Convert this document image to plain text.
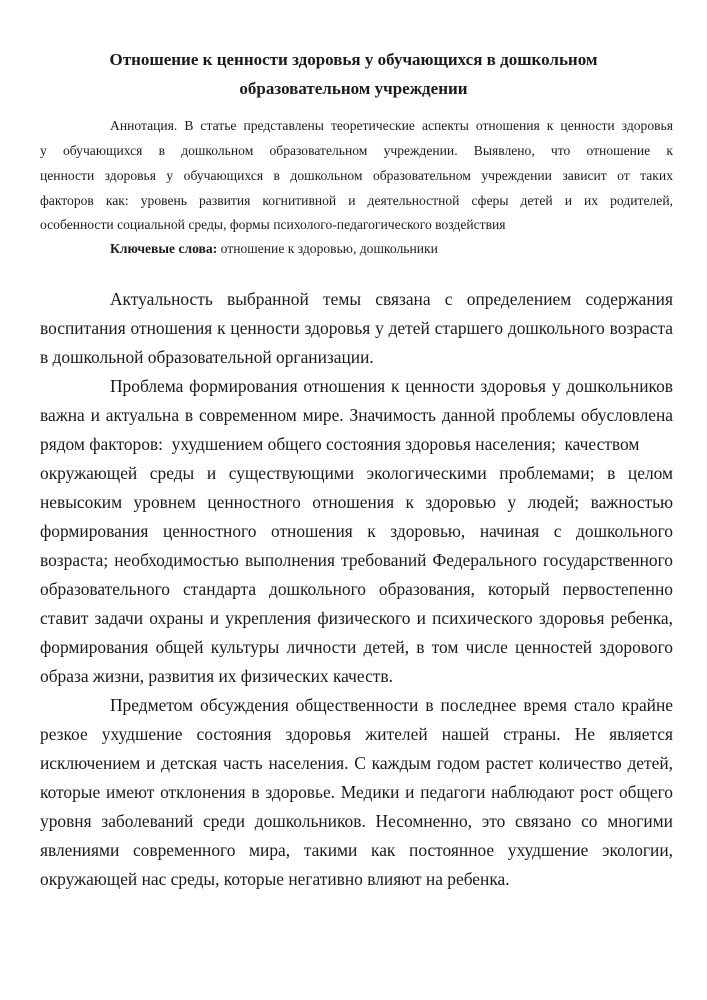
Отношение к ценности здоровья у обучающихся в дошкольном
образовательном учреждении
Аннотация. В статье представлены теоретические аспекты отношения к ценности здоровья
у обучающихся в дошкольном образовательном учреждении. Выявлено, что отношение к
ценности здоровья у обучающихся в дошкольном образовательном учреждении зависит от таких
факторов как: уровень развития когнитивной и деятельностной сферы детей и их родителей,
особенности социальной среды, формы психолого-педагогического воздействия
Ключевые слова: отношение к здоровью, дошкольники
Актуальность выбранной темы связана с определением содержания
воспитания отношения к ценности здоровья у детей старшего дошкольного возраста
в дошкольной образовательной организации.
Проблема формирования отношения к ценности здоровья у дошкольников
важна и актуальна в современном мире. Значимость данной проблемы обусловлена
рядом факторов:  ухудшением общего состояния здоровья населения;  качеством
окружающей среды и существующими экологическими проблемами; в целом
невысоким уровнем ценностного отношения к здоровью у людей; важностью
формирования ценностного отношения к здоровью, начиная с дошкольного
возраста; необходимостью выполнения требований Федерального государственного
образовательного стандарта дошкольного образования, который первостепенно
ставит задачи охраны и укрепления физического и психического здоровья ребенка,
формирования общей культуры личности детей, в том числе ценностей здорового
образа жизни, развития их физических качеств.
Предметом обсуждения общественности в последнее время стало крайне
резкое ухудшение состояния здоровья жителей нашей страны. Не является
исключением и детская часть населения. С каждым годом растет количество детей,
которые имеют отклонения в здоровье. Медики и педагоги наблюдают рост общего
уровня заболеваний среди дошкольников. Несомненно, это связано со многими
явлениями современного мира, такими как постоянное ухудшение экологии,
окружающей нас среды, которые негативно влияют на ребенка.
